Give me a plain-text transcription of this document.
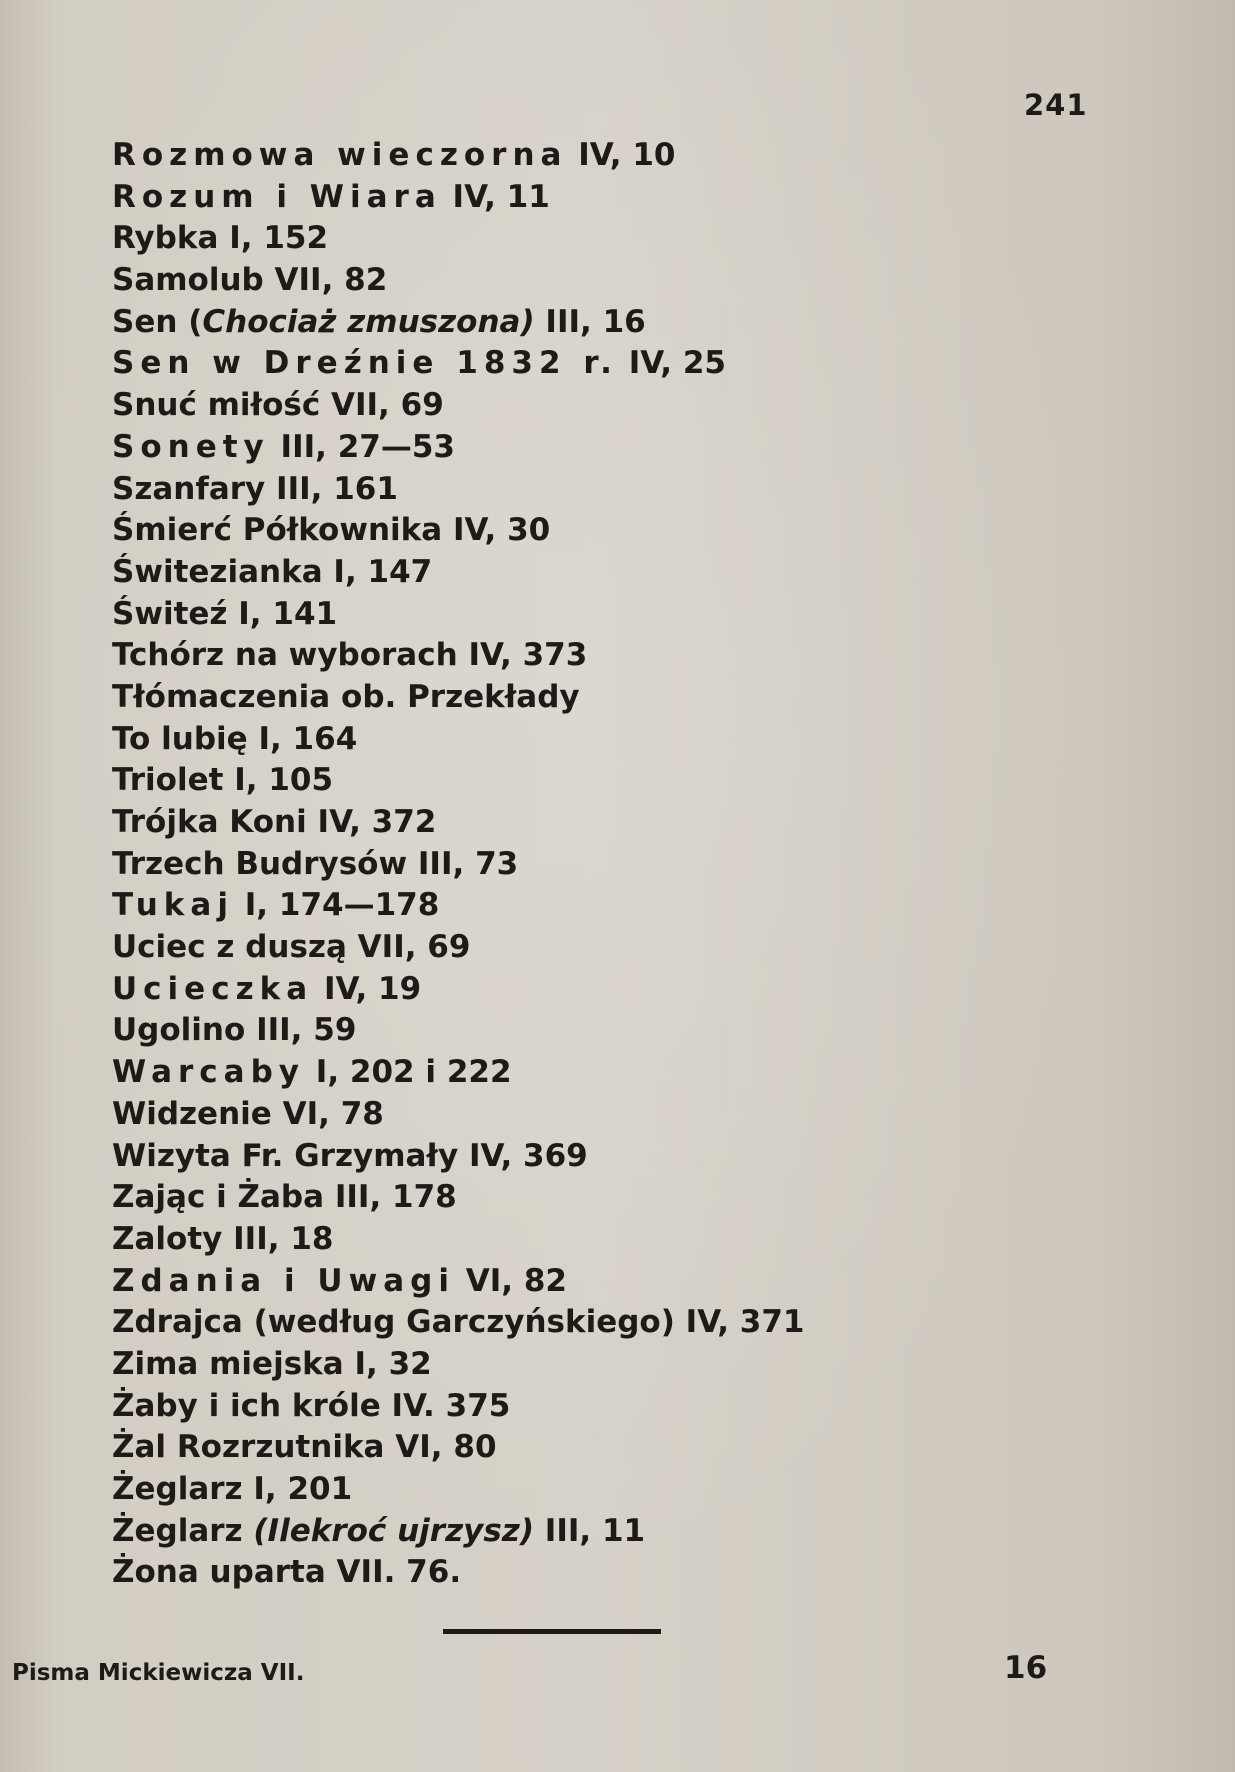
241
Rozmowa wieczorna IV, 10
Rozum i Wiara IV, 11
Rybka I, 152
Samolub VII, 82
Sen (Chociaż zmuszona) III, 16
Sen w Dreźnie 1832 r. IV, 25
Snuć miłość VII, 69
Sonety III, 27—53
Szanfary III, 161
Śmierć Półkownika IV, 30
Świtezianka I, 147
Świteź I, 141
Tchórz na wyborach IV, 373
Tłómaczenia ob. Przekłady
To lubię I, 164
Triolet I, 105
Trójka Koni IV, 372
Trzech Budrysów III, 73
Tukaj I, 174—178
Uciec z duszą VII, 69
Ucieczka IV, 19
Ugolino III, 59
Warcaby I, 202 i 222
Widzenie VI, 78
Wizyta Fr. Grzymały IV, 369
Zając i Żaba III, 178
Zaloty III, 18
Zdania i Uwagi VI, 82
Zdrajca (według Garczyńskiego) IV, 371
Zima miejska I, 32
Żaby i ich króle IV. 375
Żal Rozrzutnika VI, 80
Żeglarz I, 201
Żeglarz (Ilekroć ujrzysz) III, 11
Żona uparta VII. 76.
Pisma Mickiewicza VII.	16
